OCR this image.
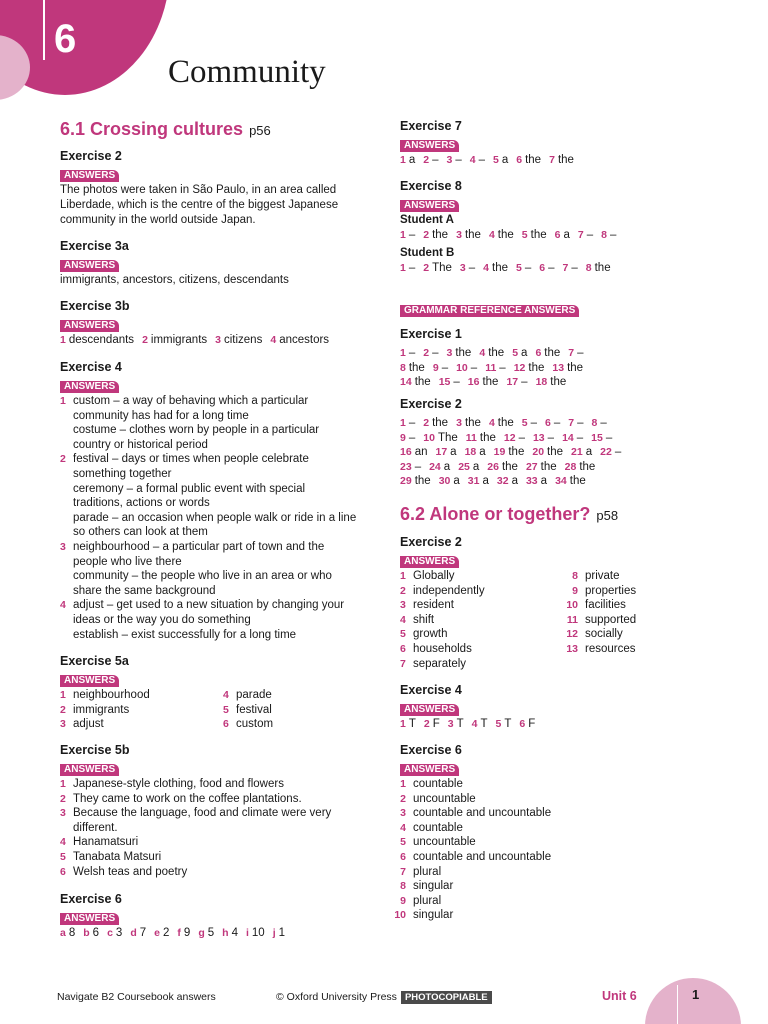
6
Community
6.1 Crossing cultures p56
Exercise 2
ANSWERS
The photos were taken in São Paulo, in an area called
Liberdade, which is the centre of the biggest Japanese
community in the world outside Japan.
Exercise 3a
ANSWERS
immigrants, ancestors, citizens, descendants
Exercise 3b
ANSWERS
1 descendants 2 immigrants 3 citizens 4 ancestors
Exercise 4
ANSWERS
1 custom – a way of behaving which a particular
community has had for a long time
costume – clothes worn by people in a particular
country or historical period
2 festival – days or times when people celebrate
something together
ceremony – a formal public event with special
traditions, actions or words
parade – an occasion when people walk or ride in a line
so others can look at them
3 neighbourhood – a particular part of town and the
people who live there
community – the people who live in an area or who
share the same background
4 adjust – get used to a new situation by changing your
ideas or the way you do something
establish – exist successfully for a long time
Exercise 5a
ANSWERS
1 neighbourhood
2 immigrants
3 adjust
4 parade
5 festival
6 custom
Exercise 5b
ANSWERS
1 Japanese-style clothing, food and flowers
2 They came to work on the coffee plantations.
3 Because the language, food and climate were very
different.
4 Hanamatsuri
5 Tanabata Matsuri
6 Welsh teas and poetry
Exercise 6
ANSWERS
a 8 b 6 c 3 d 7 e 2 f 9 g 5 h 4 i 10 j 1
Exercise 7
ANSWERS
1 a 2 – 3 – 4 – 5 a 6 the 7 the
Exercise 8
ANSWERS
Student A
1 – 2 the 3 the 4 the 5 the 6 a 7 – 8 –
Student B
1 – 2 The 3 – 4 the 5 – 6 – 7 – 8 the
GRAMMAR REFERENCE ANSWERS
Exercise 1
1 – 2 – 3 the 4 the 5 a 6 the 7 –
8 the 9 – 10 – 11 – 12 the 13 the
14 the 15 – 16 the 17 – 18 the
Exercise 2
1 – 2 the 3 the 4 the 5 – 6 – 7 – 8 –
9 – 10 The 11 the 12 – 13 – 14 – 15 –
16 an 17 a 18 a 19 the 20 the 21 a 22 –
23 – 24 a 25 a 26 the 27 the 28 the
29 the 30 a 31 a 32 a 33 a 34 the
6.2 Alone or together? p58
Exercise 2
ANSWERS
1 Globally
2 independently
3 resident
4 shift
5 growth
6 households
7 separately
8 private
9 properties
10 facilities
11 supported
12 socially
13 resources
Exercise 4
ANSWERS
1 T 2 F 3 T 4 T 5 T 6 F
Exercise 6
ANSWERS
1 countable
2 uncountable
3 countable and uncountable
4 countable
5 uncountable
6 countable and uncountable
7 plural
8 singular
9 plural
10 singular
Navigate B2 Coursebook answers	© Oxford University Press PHOTOCOPIABLE	Unit 6	1
